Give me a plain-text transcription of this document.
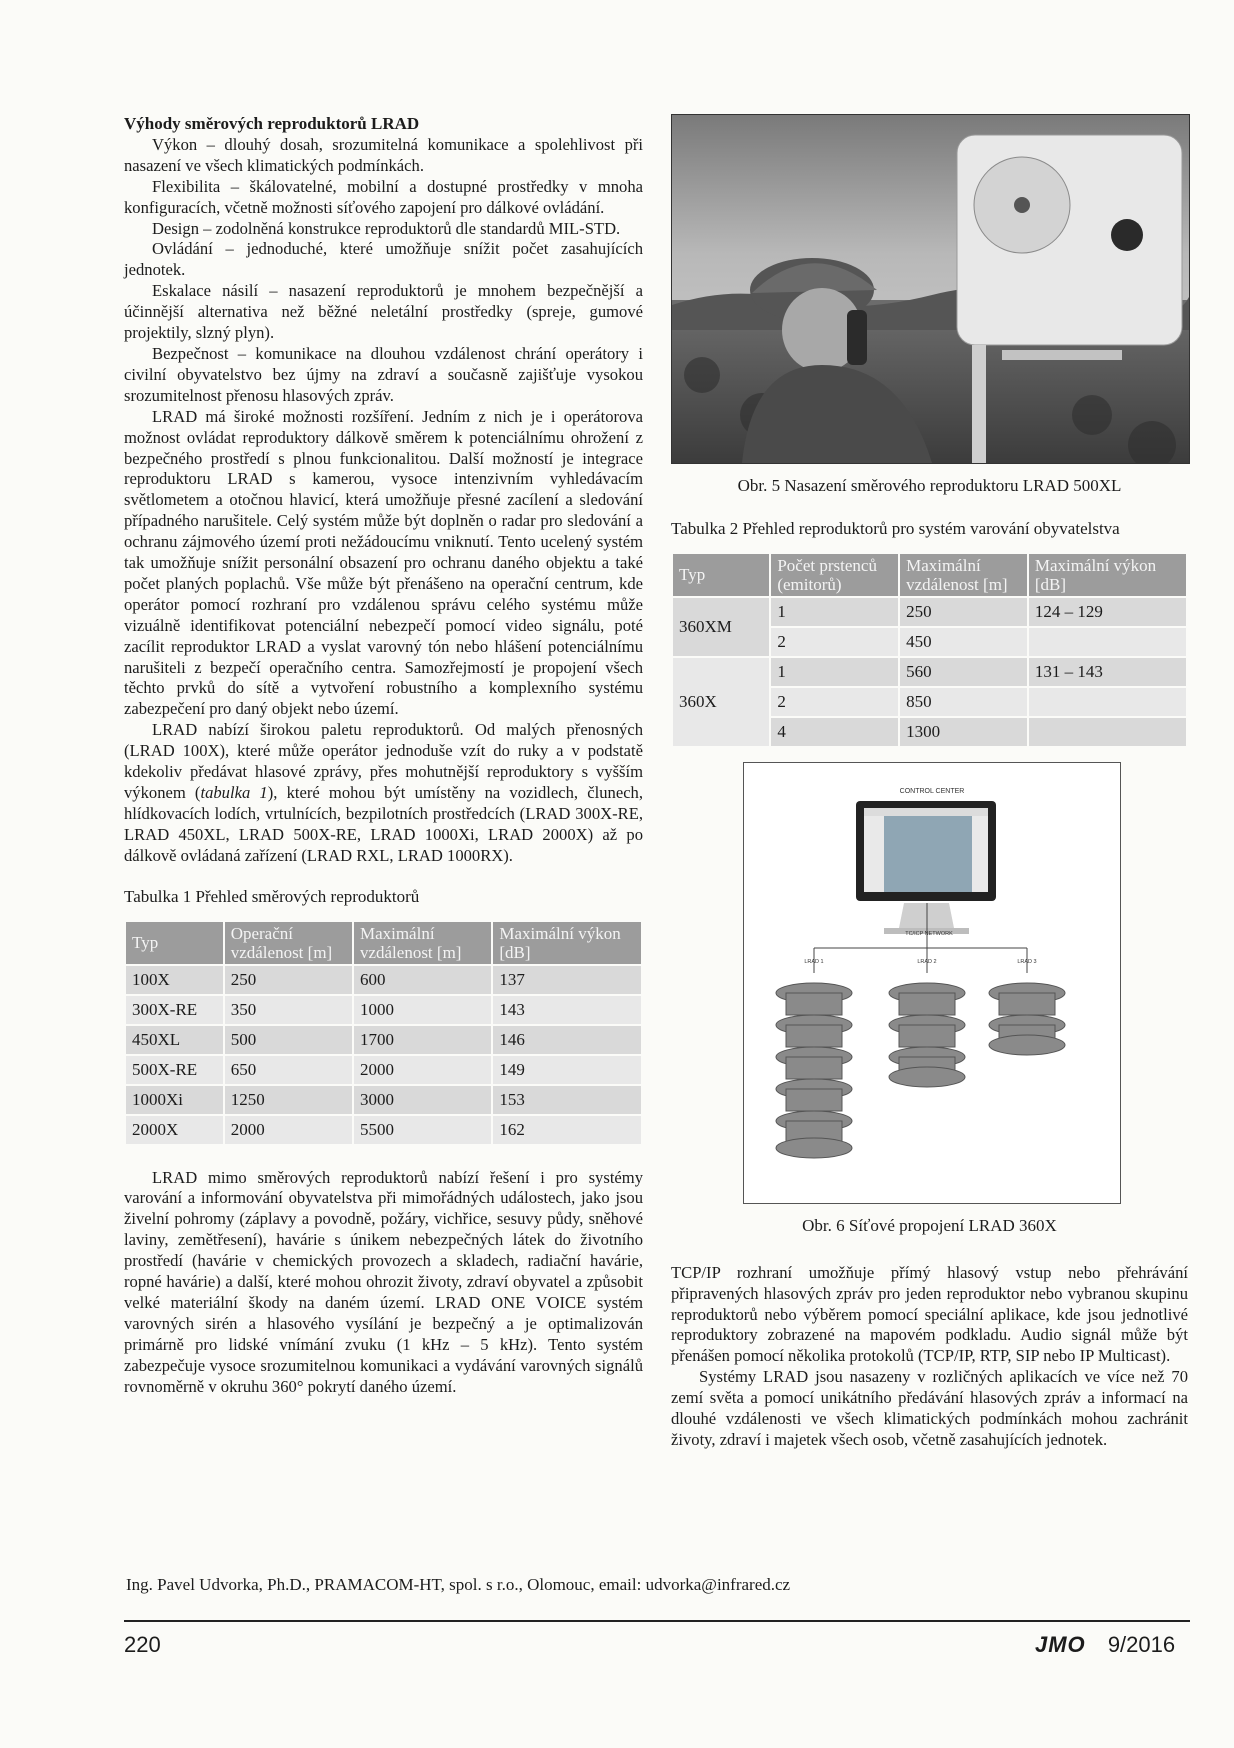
Výhody směrových reproduktorů LRAD

Výkon – dlouhý dosah, srozumitelná komunikace a spolehlivost při nasazení ve všech klimatických podmínkách.

Flexibilita – škálovatelné, mobilní a dostupné prostředky v mnoha konfiguracích, včetně možnosti síťového zapojení pro dálkové ovládání.

Design – zodolněná konstrukce reproduktorů dle standardů MIL-STD.

Ovládání – jednoduché, které umožňuje snížit počet zasahujících jednotek.

Eskalace násilí – nasazení reproduktorů je mnohem bezpečnější a účinnější alternativa než běžné neletální prostředky (spreje, gumové projektily, slzný plyn).

Bezpečnost – komunikace na dlouhou vzdálenost chrání operátory i civilní obyvatelstvo bez újmy na zdraví a současně zajišťuje vysokou srozumitelnost přenosu hlasových zpráv.

LRAD má široké možnosti rozšíření. Jedním z nich je i operátorova možnost ovládat reproduktory dálkově směrem k potenciálnímu ohrožení z bezpečného prostředí s plnou funkcionalitou. Další možností je integrace reproduktoru LRAD s kamerou, vysoce intenzivním vyhledávacím světlometem a otočnou hlavicí, která umožňuje přesné zacílení a sledování případného narušitele. Celý systém může být doplněn o radar pro sledování a ochranu zájmového území proti nežádoucímu vniknutí. Tento ucelený systém tak umožňuje snížit personální obsazení pro ochranu daného objektu a také počet planých poplachů. Vše může být přenášeno na operační centrum, kde operátor pomocí rozhraní pro vzdálenou správu celého systému může vizuálně identifikovat potenciální nebezpečí pomocí video signálu, poté zacílit reproduktor LRAD a vyslat varovný tón nebo hlášení potenciálnímu narušiteli z bezpečí operačního centra. Samozřejmostí je propojení všech těchto prvků do sítě a vytvoření robustního a komplexního systému zabezpečení pro daný objekt nebo území.

LRAD nabízí širokou paletu reproduktorů. Od malých přenosných (LRAD 100X), které může operátor jednoduše vzít do ruky a v podstatě kdekoliv předávat hlasové zprávy, přes mohutnější reproduktory s vyšším výkonem (tabulka 1), které mohou být umístěny na vozidlech, člunech, hlídkovacích lodích, vrtulnících, bezpilotních prostředcích (LRAD 300X-RE, LRAD 450XL, LRAD 500X-RE, LRAD 1000Xi, LRAD 2000X) až po dálkově ovládaná zařízení (LRAD RXL, LRAD 1000RX).

Tabulka 1 Přehled směrových reproduktorů
Typ	Operační vzdálenost [m]	Maximální vzdálenost [m]	Maximální výkon [dB]
100X	250	600	137
300X-RE	350	1000	143
450XL	500	1700	146
500X-RE	650	2000	149
1000Xi	1250	3000	153
2000X	2000	5500	162

LRAD mimo směrových reproduktorů nabízí řešení i pro systémy varování a informování obyvatelstva při mimořádných událostech, jako jsou živelní pohromy (záplavy a povodně, požáry, vichřice, sesuvy půdy, sněhové laviny, zemětřesení), havárie s únikem nebezpečných látek do životního prostředí (havárie v chemických provozech a skladech, radiační havárie, ropné havárie) a další, které mohou ohrozit životy, zdraví obyvatel a způsobit velké materiální škody na daném území. LRAD ONE VOICE systém varovných sirén a hlasového vysílání je bezpečný a je optimalizován primárně pro lidské vnímání zvuku (1 kHz – 5 kHz). Tento systém zabezpečuje vysoce srozumitelnou komunikaci a vydávání varovných signálů rovnoměrně v okruhu 360° pokrytí daného území.

Obr. 5 Nasazení směrového reproduktoru LRAD 500XL
Tabulka 2 Přehled reproduktorů pro systém varování obyvatelstva
Typ	Počet prstenců (emitorů)	Maximální vzdálenost [m]	Maximální výkon [dB]
360XM	1	250	124 – 129
	2	450	
360X	1	560	131 – 143
	2	850	
	4	1300	
CONTROL CENTER
TC/ICP NETWORK
LRAD 1	LRAD 2	LRAD 3
Obr. 6 Síťové propojení LRAD 360X

TCP/IP rozhraní umožňuje přímý hlasový vstup nebo přehrávání připravených hlasových zpráv pro jeden reproduktor nebo vybranou skupinu reproduktorů nebo výběrem pomocí speciální aplikace, kde jsou jednotlivé reproduktory zobrazené na mapovém podkladu. Audio signál může být přenášen pomocí několika protokolů (TCP/IP, RTP, SIP nebo IP Multicast).

Systémy LRAD jsou nasazeny v rozličných aplikacích ve více než 70 zemí světa a pomocí unikátního předávání hlasových zpráv a informací na dlouhé vzdálenosti ve všech klimatických podmínkách mohou zachránit životy, zdraví i majetek všech osob, včetně zasahujících jednotek.

Ing. Pavel Udvorka, Ph.D., PRAMACOM-HT, spol. s r.o., Olomouc, email: udvorka@infrared.cz
220	JMO 9/2016
